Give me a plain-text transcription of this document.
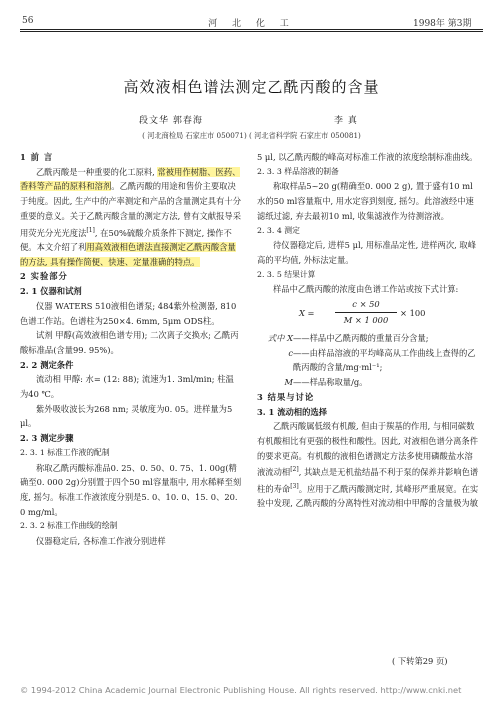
56	河 北 化 工	1998年 第3期
高效液相色谱法测定乙酰丙酸的含量
段文华 郭春海	李 真
( 河北商检局 石家庄市 050071) ( 河北省科学院 石家庄市 050081)

1 前 言

乙酰丙酸是一种重要的化工原料, 常被用作树脂、医药、香料等产品的原料和溶剂。乙酰丙酸的用途和售价主要取决于纯度。因此, 生产中的产率测定和产品的含量测定具有十分重要的意义。关于乙酰丙酸含量的测定方法, 曾有文献报导采用荧光分光光度法[1], 在50%硫酸介质条件下测定, 操作不便。本文介绍了利用高效液相色谱法直接测定乙酰丙酸含量的方法, 具有操作简便、快速、定量准确的特点。

2 实验部分

2. 1 仪器和试剂

仪器 WATERS 510液相色谱泵; 484紫外检测器, 810色谱工作站。色谱柱为250×4. 6mm, 5μm ODS柱。

试剂 甲醇(高效液相色谱专用); 二次离子交换水; 乙酰丙酸标准品(含量99. 95%)。

2. 2 测定条件

流动相 甲醇: 水= (12: 88); 流速为1. 3ml/min; 柱温为40 ℃。

紫外吸收波长为268 nm; 灵敏度为0. 05。进样量为5 μl。

2. 3 测定步骤

2. 3. 1 标准工作液的配制

称取乙酰丙酸标准品0. 25、0. 50、0. 75、1. 00g(精确至0. 000 2g)分别置于四个50 ml容量瓶中, 用水稀释至刻度, 摇匀。标准工作液浓度分别是5. 0、10. 0、15. 0、20. 0 mg/ml。

2. 3. 2 标准工作曲线的绘制

仪器稳定后, 各标准工作液分别进样

5 μl, 以乙酰丙酸的峰高对标准工作液的浓度绘制标准曲线。

2. 3. 3 样品溶液的制备

称取样品5~20 g(精确至0. 000 2 g), 置于盛有10 ml水的50 ml容量瓶中, 用水定容到刻度, 摇匀。此溶液经中速滤纸过滤, 弃去最初10 ml, 收集滤液作为待测溶液。

2. 3. 4 测定

待仪器稳定后, 进样5 μl, 用标准品定性, 进样两次, 取峰高的平均值, 外标法定量。

2. 3. 5 结果计算

样品中乙酰丙酸的浓度由色谱工作站或按下式计算:

X =
c × 50
M × 1 000
× 100

式中 X ——样品中乙酰丙酸的重量百分含量;

c ——由样品溶液的平均峰高从工作曲线上查得的乙酰丙酸的含量/mg·ml⁻¹;

M ——样品称取量/g。

3 结果与讨论

3. 1 流动相的选择

乙酰丙酸属低级有机酸, 但由于羰基的作用, 与相同碳数有机酸相比有更强的极性和酸性。因此, 对液相色谱分离条件的要求更高。有机酸的液相色谱测定方法多使用磷酸盐水溶液流动相[2], 其缺点是无机盐结晶不利于泵的保养并影响色谱柱的寿命[3]。应用于乙酰丙酸测定时, 其峰形严重展宽。在实验中发现, 乙酰丙酸的分离特性对流动相中甲醇的含量极为敏

( 下转第29 页)
© 1994-2012 China Academic Journal Electronic Publishing House. All rights reserved. http://www.cnki.net
